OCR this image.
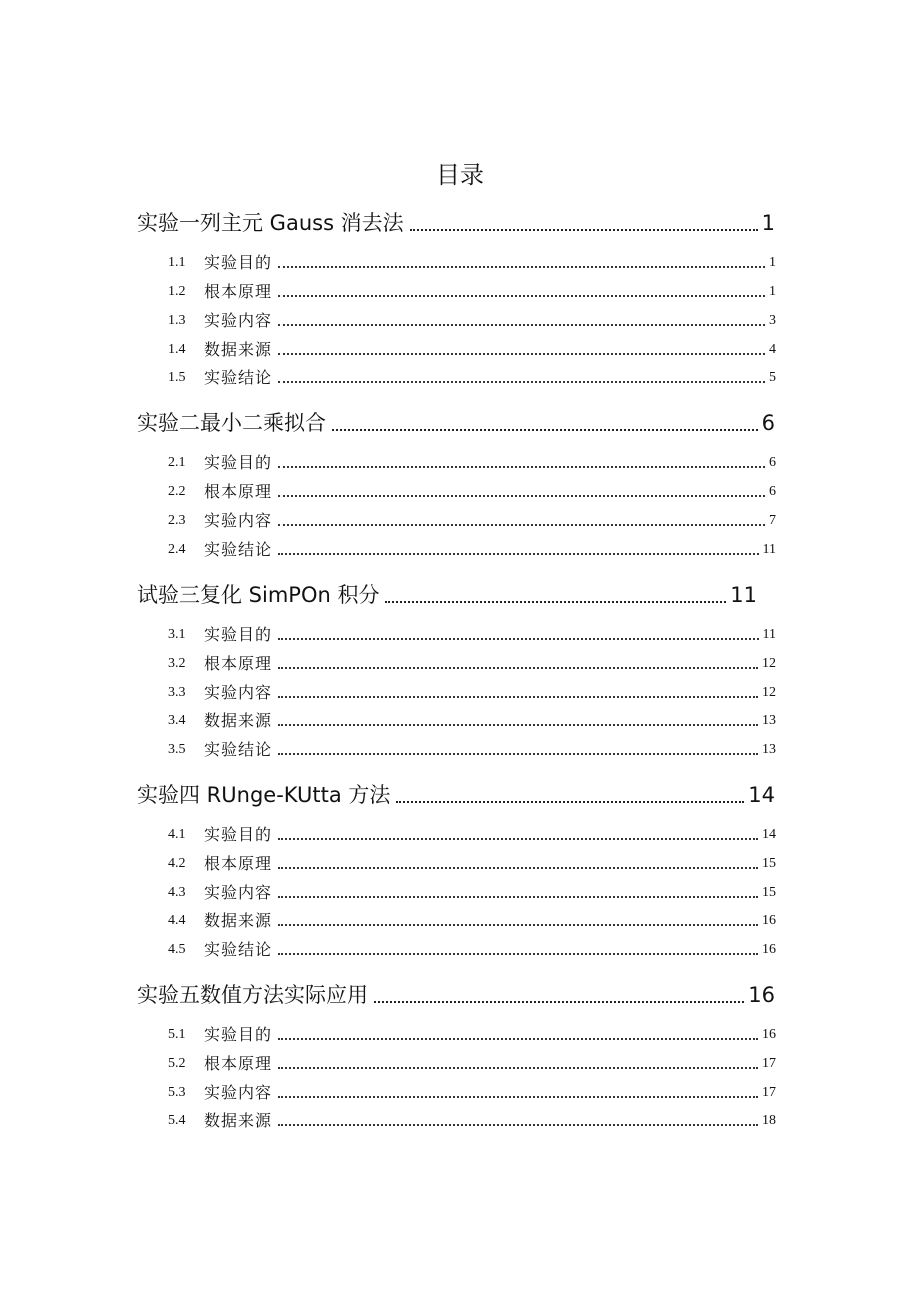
目录
实验一列主元 Gauss 消去法	1
1.1	实验目的	1
1.2	根本原理	1
1.3	实验内容	3
1.4	数据来源	4
1.5	实验结论	5
实验二最小二乘拟合	6
2.1	实验目的	6
2.2	根本原理	6
2.3	实验内容	7
2.4	实验结论	11
试验三复化 SimPOn 积分	11
3.1	实验目的	11
3.2	根本原理	12
3.3	实验内容	12
3.4	数据来源	13
3.5	实验结论	13
实验四 RUnge-KUtta 方法	14
4.1	实验目的	14
4.2	根本原理	15
4.3	实验内容	15
4.4	数据来源	16
4.5	实验结论	16
实验五数值方法实际应用	16
5.1	实验目的	16
5.2	根本原理	17
5.3	实验内容	17
5.4	数据来源	18
